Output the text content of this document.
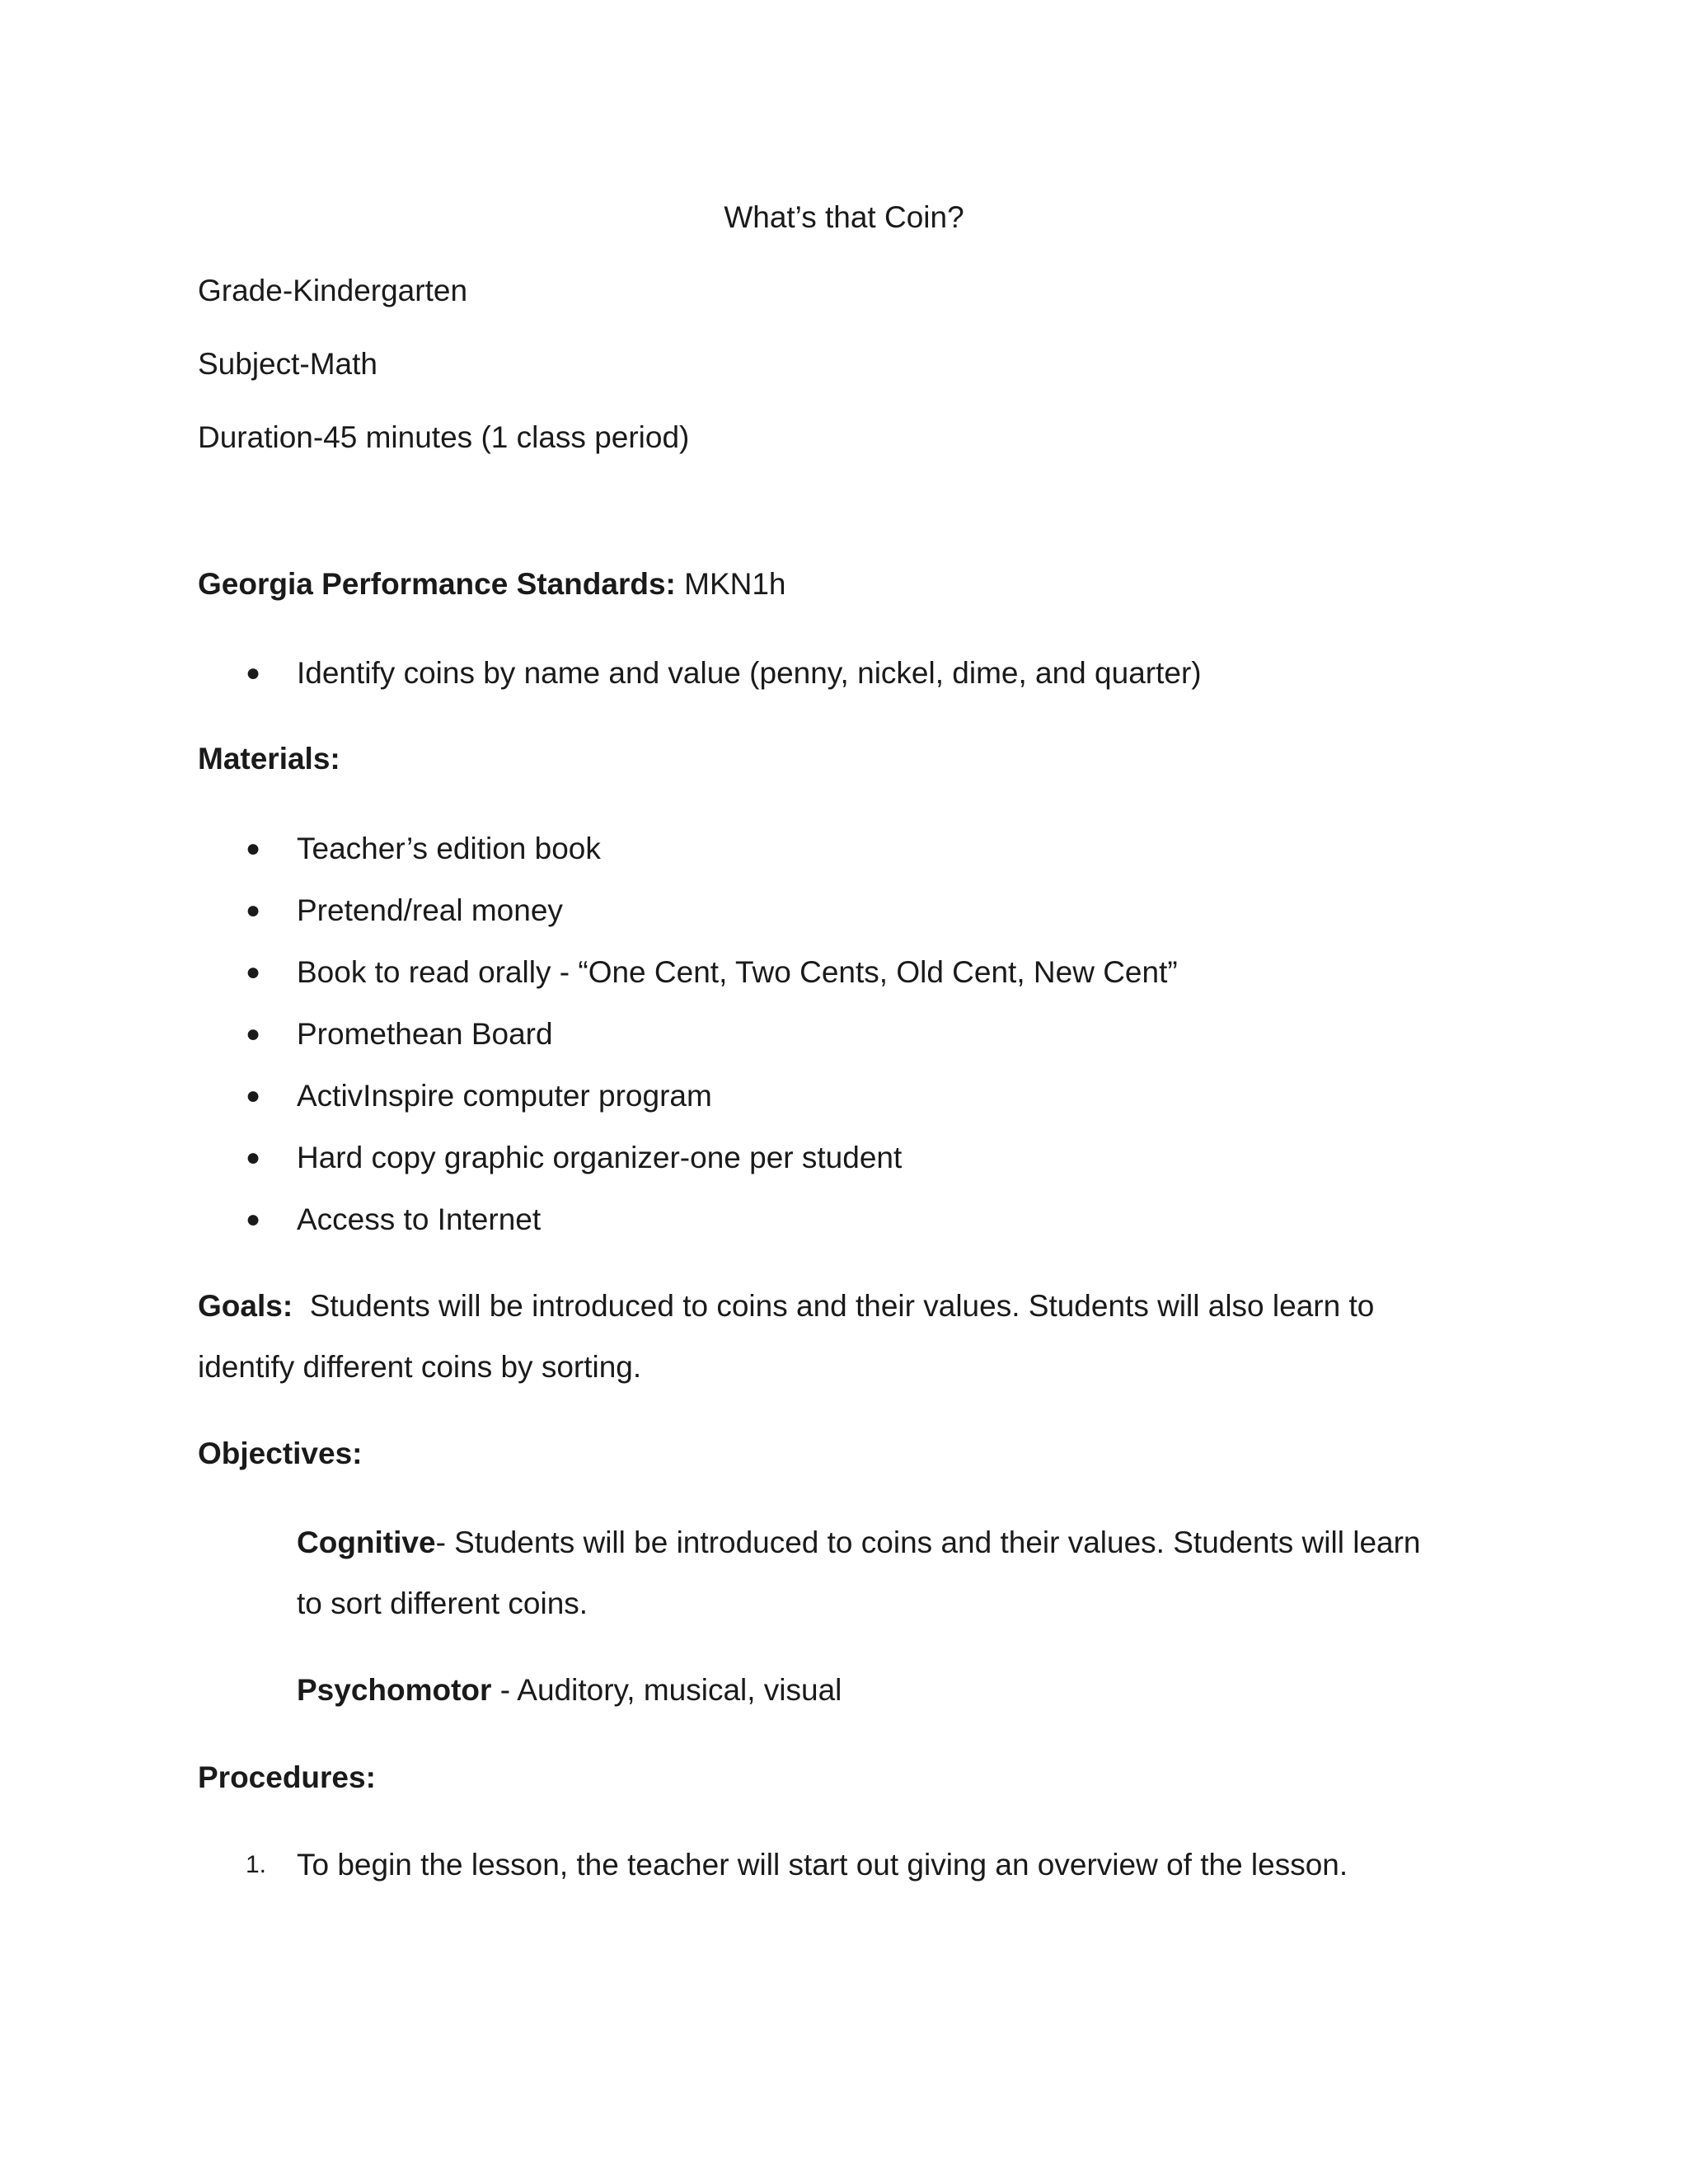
What’s that Coin?
Grade-Kindergarten
Subject-Math
Duration-45 minutes (1 class period)
Georgia Performance Standards: MKN1h
● Identify coins by name and value (penny, nickel, dime, and quarter)
Materials:
● Teacher’s edition book
● Pretend/real money
● Book to read orally - “One Cent, Two Cents, Old Cent, New Cent”
● Promethean Board
● ActivInspire computer program
● Hard copy graphic organizer-one per student
● Access to Internet
Goals: Students will be introduced to coins and their values. Students will also learn to
identify different coins by sorting.
Objectives:
Cognitive- Students will be introduced to coins and their values. Students will learn
to sort different coins.
Psychomotor - Auditory, musical, visual
Procedures:
1. To begin the lesson, the teacher will start out giving an overview of the lesson.
